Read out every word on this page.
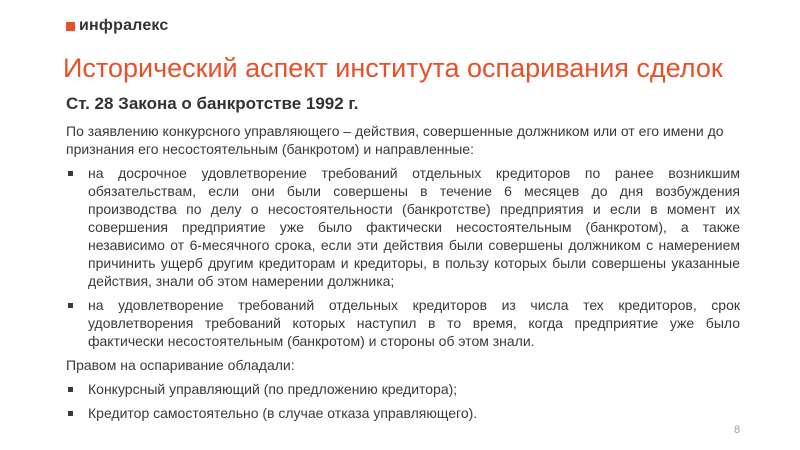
инфралекс
Исторический аспект института оспаривания сделок
Ст. 28 Закона о банкротстве 1992 г.

По заявлению конкурсного управляющего – действия, совершенные должником или от его имени до признания его несостоятельным (банкротом) и направленные:

на досрочное удовлетворение требований отдельных кредиторов по ранее возникшим обязательствам, если они были совершены в течение 6 месяцев до дня возбуждения производства по делу о несостоятельности (банкротстве) предприятия и если в момент их совершения предприятие уже было фактически несостоятельным (банкротом), а также независимо от 6-месячного срока, если эти действия были совершены должником с намерением причинить ущерб другим кредиторам и кредиторы, в пользу которых были совершены указанные действия, знали об этом намерении должника;
на удовлетворение требований отдельных кредиторов из числа тех кредиторов, срок удовлетворения требований которых наступил в то время, когда предприятие уже было фактически несостоятельным (банкротом) и стороны об этом знали.

Правом на оспаривание обладали:

Конкурсный управляющий (по предложению кредитора);
Кредитор самостоятельно (в случае отказа управляющего).
8
